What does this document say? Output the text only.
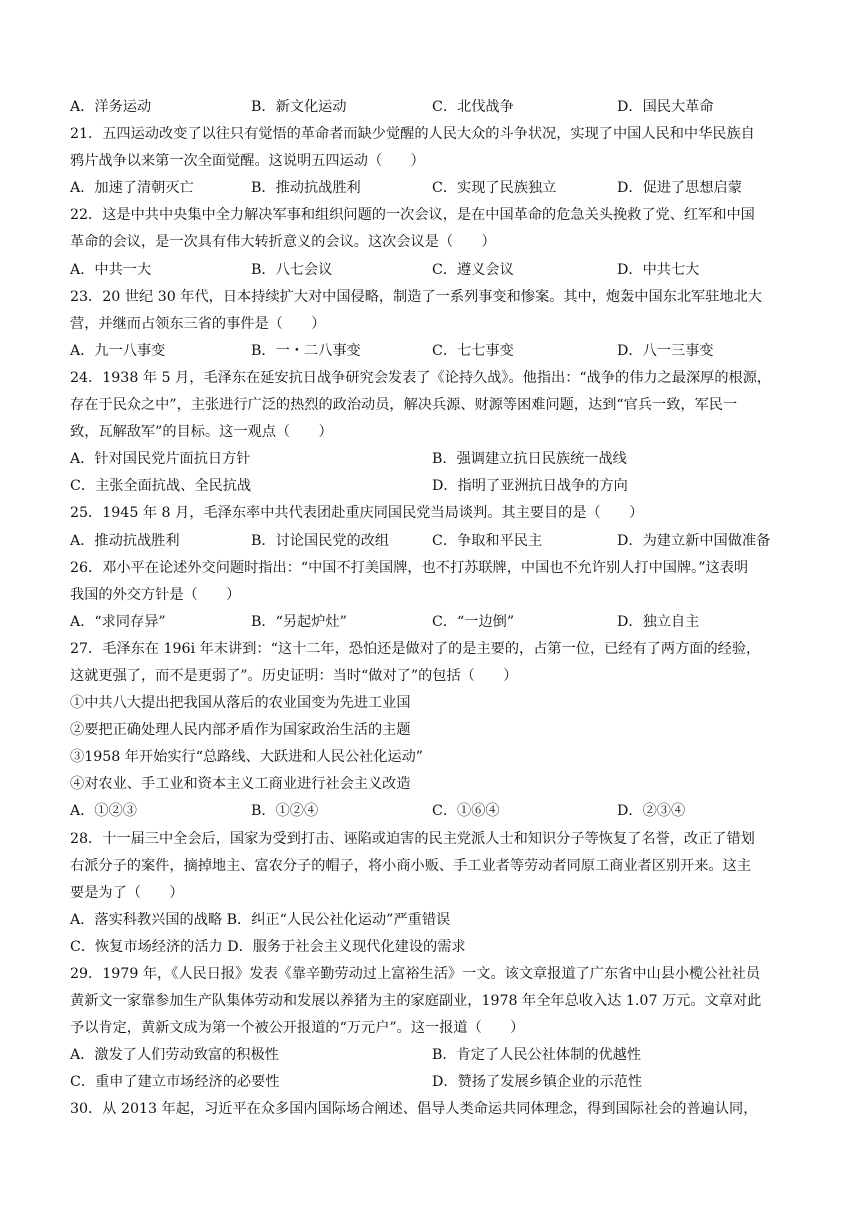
A．洋务运动	B．新文化运动	C．北伐战争	D．国民大革命
21．五四运动改变了以往只有觉悟的革命者而缺少觉醒的人民大众的斗争状况，实现了中国人民和中华民族自
鸦片战争以来第一次全面觉醒。这说明五四运动（　　）
A．加速了清朝灭亡	B．推动抗战胜利	C．实现了民族独立	D．促进了思想启蒙
22．这是中共中央集中全力解决军事和组织问题的一次会议，是在中国革命的危急关头挽救了党、红军和中国
革命的会议，是一次具有伟大转折意义的会议。这次会议是（　　）
A．中共一大	B．八七会议	C．遵义会议	D．中共七大
23．20 世纪 30 年代，日本持续扩大对中国侵略，制造了一系列事变和惨案。其中，炮轰中国东北军驻地北大
营，并继而占领东三省的事件是（　　）
A．九一八事变	B．一・二八事变	C．七七事变	D．八一三事变
24．1938 年 5 月，毛泽东在延安抗日战争研究会发表了《论持久战》。他指出：“战争的伟力之最深厚的根源，
存在于民众之中”，主张进行广泛的热烈的政治动员，解决兵源、财源等困难问题，达到“官兵一致，军民一
致，瓦解敌军”的目标。这一观点（　　）
A．针对国民党片面抗日方针	B．强调建立抗日民族统一战线
C．主张全面抗战、全民抗战	D．指明了亚洲抗日战争的方向
25．1945 年 8 月，毛泽东率中共代表团赴重庆同国民党当局谈判。其主要目的是（　　）
A．推动抗战胜利	B．讨论国民党的改组	C．争取和平民主	D．为建立新中国做准备
26．邓小平在论述外交问题时指出：“中国不打美国牌，也不打苏联牌，中国也不允许别人打中国牌。”这表明
我国的外交方针是（　　）
A．“求同存异”	B．“另起炉灶”	C．“一边倒”	D．独立自主
27．毛泽东在 196i 年末讲到：“这十二年，恐怕还是做对了的是主要的，占第一位，已经有了两方面的经验，
这就更强了，而不是更弱了”。历史证明：当时“做对了”的包括（　　）
①中共八大提出把我国从落后的农业国变为先进工业国
②要把正确处理人民内部矛盾作为国家政治生活的主题
③1958 年开始实行“总路线、大跃进和人民公社化运动”
④对农业、手工业和资本主义工商业进行社会主义改造
A．①②③	B．①②④	C．①⑥④	D．②③④
28．十一届三中全会后，国家为受到打击、诬陷或迫害的民主党派人士和知识分子等恢复了名誉，改正了错划
右派分子的案件，摘掉地主、富农分子的帽子，将小商小贩、手工业者等劳动者同原工商业者区别开来。这主
要是为了（　　）
A．落实科教兴国的战略 B．纠正“人民公社化运动”严重错误
C．恢复市场经济的活力 D．服务于社会主义现代化建设的需求
29．1979 年，《人民日报》发表《靠辛勤劳动过上富裕生活》一文。该文章报道了广东省中山县小榄公社社员
黄新文一家靠参加生产队集体劳动和发展以养猪为主的家庭副业，1978 年全年总收入达 1.07 万元。文章对此
予以肯定，黄新文成为第一个被公开报道的“万元户”。这一报道（　　）
A．激发了人们劳动致富的积极性	B．肯定了人民公社体制的优越性
C．重申了建立市场经济的必要性	D．赞扬了发展乡镇企业的示范性
30．从 2013 年起，习近平在众多国内国际场合阐述、倡导人类命运共同体理念，得到国际社会的普遍认同，
